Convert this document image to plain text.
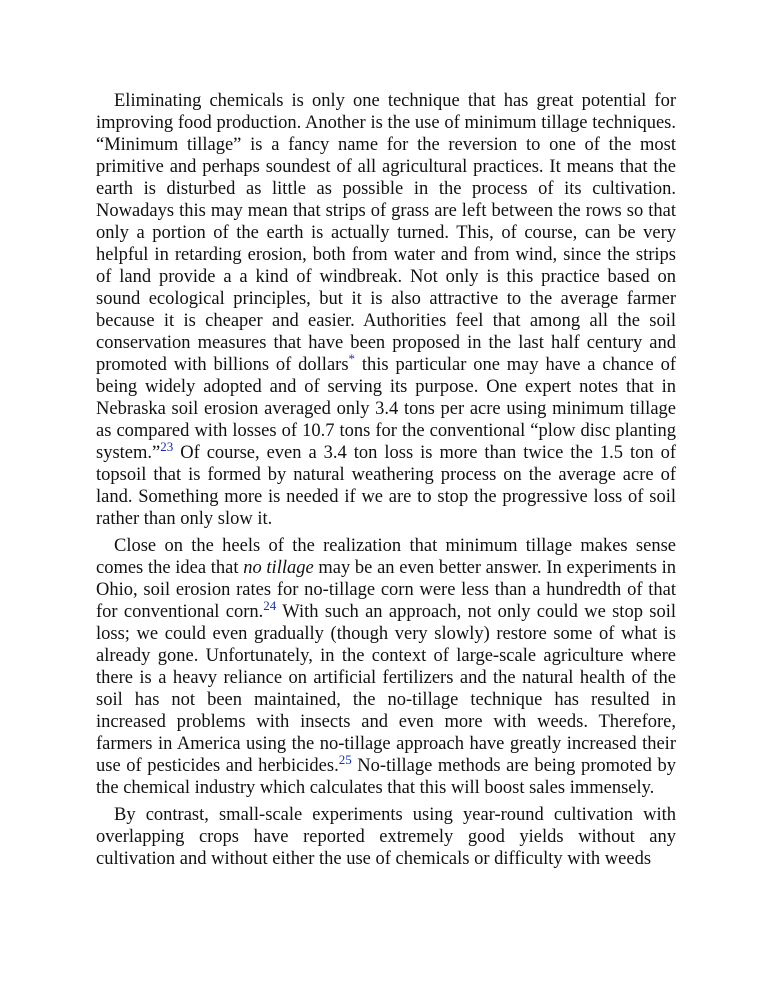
Eliminating chemicals is only one technique that has great potential for improving food production. Another is the use of minimum tillage techniques. “Minimum tillage” is a fancy name for the reversion to one of the most primitive and perhaps soundest of all agricultural practices. It means that the earth is disturbed as little as possible in the process of its cultivation. Nowadays this may mean that strips of grass are left between the rows so that only a portion of the earth is actually turned. This, of course, can be very helpful in retarding erosion, both from water and from wind, since the strips of land provide a a kind of windbreak. Not only is this practice based on sound ecological principles, but it is also attractive to the average farmer because it is cheaper and easier. Authorities feel that among all the soil conservation measures that have been proposed in the last half century and promoted with billions of dollars* this particular one may have a chance of being widely adopted and of serving its purpose. One expert notes that in Nebraska soil erosion averaged only 3.4 tons per acre using minimum tillage as compared with losses of 10.7 tons for the conventional “plow disc planting system.”$^{23}$ Of course, even a 3.4 ton loss is more than twice the 1.5 ton of topsoil that is formed by natural weathering process on the average acre of land. Something more is needed if we are to stop the progressive loss of soil rather than only slow it.

Close on the heels of the realization that minimum tillage makes sense comes the idea that no tillage may be an even better answer. In experiments in Ohio, soil erosion rates for no-tillage corn were less than a hundredth of that for conventional corn.$^{24}$ With such an approach, not only could we stop soil loss; we could even gradually (though very slowly) restore some of what is already gone. Unfortunately, in the context of large-scale agriculture where there is a heavy reliance on artificial fertilizers and the natural health of the soil has not been maintained, the no-tillage technique has resulted in increased problems with insects and even more with weeds. Therefore, farmers in America using the no-tillage approach have greatly increased their use of pesticides and herbicides.$^{25}$ No-tillage methods are being promoted by the chemical industry which calculates that this will boost sales immensely.

By contrast, small-scale experiments using year-round cultivation with overlapping crops have reported extremely good yields without any cultivation and without either the use of chemicals or difficulty with weeds
